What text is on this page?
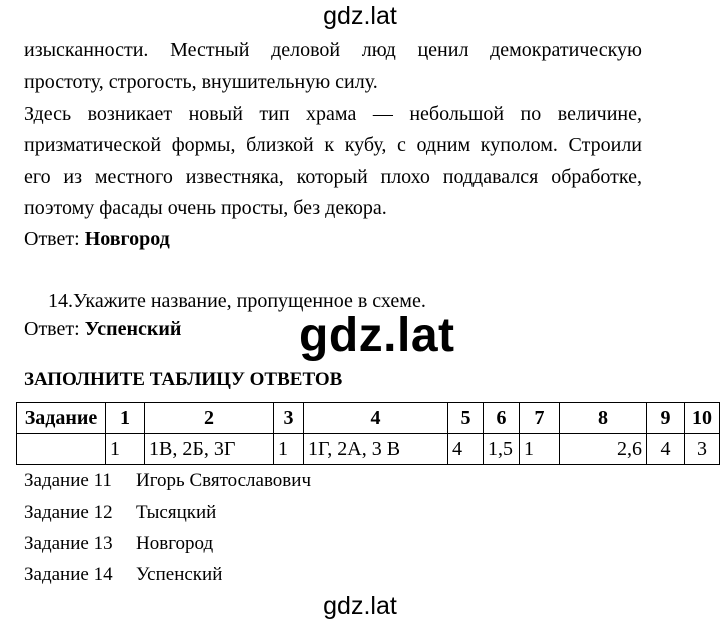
gdz.lat
изысканности. Местный деловой люд ценил демократическую
простоту, строгость, внушительную силу.
Здесь возникает новый тип храма — небольшой по величине,
призматической формы, близкой к кубу, с одним куполом. Строили
его из местного известняка, который плохо поддавался обработке,
поэтому фасады очень просты, без декора.
Ответ: Новгород
14.Укажите название, пропущенное в схеме.
Ответ: Успенский gdz.lat
ЗАПОЛНИТЕ ТАБЛИЦУ ОТВЕТОВ
Задание	1	2	3	4	5	6	7	8	9	10
	1	1В, 2Б, 3Г	1	1Г, 2А, 3 В	4	1,5	1	2,6	4	3
Задание 11 Игорь Святославович
Задание 12 Тысяцкий
Задание 13 Новгород
Задание 14 Успенский
gdz.lat
